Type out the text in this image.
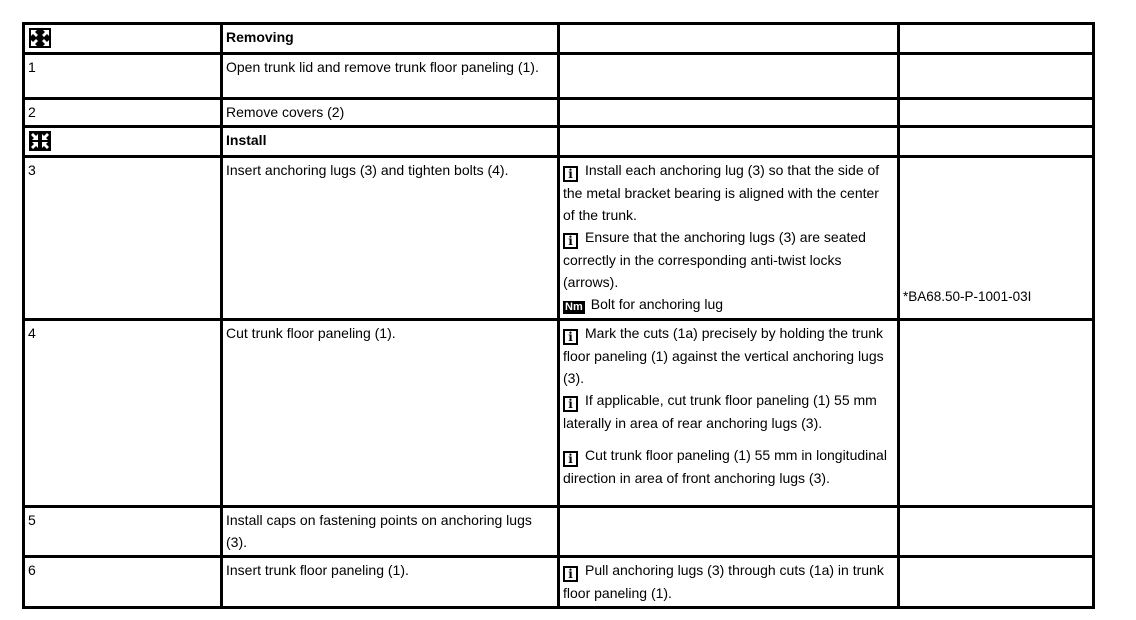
	Removing		
1	Open trunk lid and remove trunk floor paneling (1).		
2	Remove covers (2)		

	Install		
3	Insert anchoring lugs (3) and tighten bolts (4).	i Install each anchoring lug (3) so that the side of the metal bracket bearing is aligned with the center of the trunk.

i Ensure that the anchoring lugs (3) are seated correctly in the corresponding anti-twist locks (arrows).

Nm Bolt for anchoring lug	*BA68.50-P-1001-03I
4	Cut trunk floor paneling (1).	i Mark the cuts (1a) precisely by holding the trunk floor paneling (1) against the vertical anchoring lugs (3).

i If applicable, cut trunk floor paneling (1) 55 mm laterally in area of rear anchoring lugs (3).

i Cut trunk floor paneling (1) 55 mm in longitudinal direction in area of front anchoring lugs (3).	

5	Install caps on fastening points on anchoring lugs (3).		
6	Insert trunk floor paneling (1).	i Pull anchoring lugs (3) through cuts (1a) in trunk floor paneling (1).	
